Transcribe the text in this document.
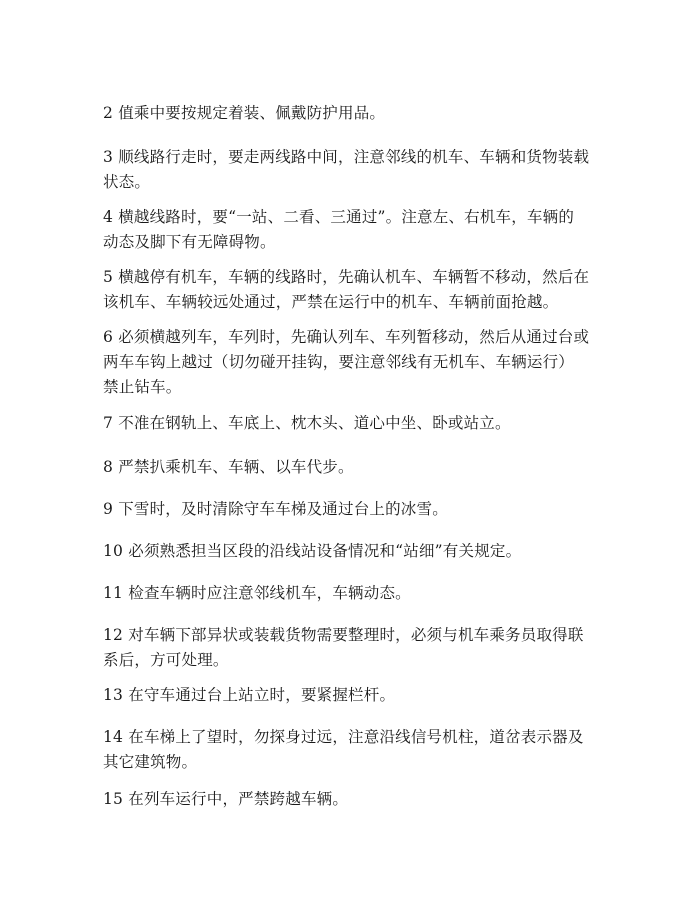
2 值乘中要按规定着装、佩戴防护用品。

3 顺线路行走时，要走两线路中间，注意邻线的机车、车辆和货物装载
状态。

4 横越线路时，要“一站、二看、三通过”。注意左、右机车，车辆的
动态及脚下有无障碍物。

5 横越停有机车，车辆的线路时，先确认机车、车辆暂不移动，然后在
该机车、车辆较远处通过，严禁在运行中的机车、车辆前面抢越。

6 必须横越列车，车列时，先确认列车、车列暂移动，然后从通过台或
两车车钩上越过（切勿碰开挂钩，要注意邻线有无机车、车辆运行）
禁止钻车。

7 不准在钢轨上、车底上、枕木头、道心中坐、卧或站立。

8 严禁扒乘机车、车辆、以车代步。

9 下雪时，及时清除守车车梯及通过台上的冰雪。

10 必须熟悉担当区段的沿线站设备情况和“站细”有关规定。

11 检查车辆时应注意邻线机车，车辆动态。

12 对车辆下部异状或装载货物需要整理时，必须与机车乘务员取得联
系后，方可处理。

13 在守车通过台上站立时，要紧握栏杆。

14 在车梯上了望时，勿探身过远，注意沿线信号机柱，道岔表示器及
其它建筑物。

15 在列车运行中，严禁跨越车辆。
